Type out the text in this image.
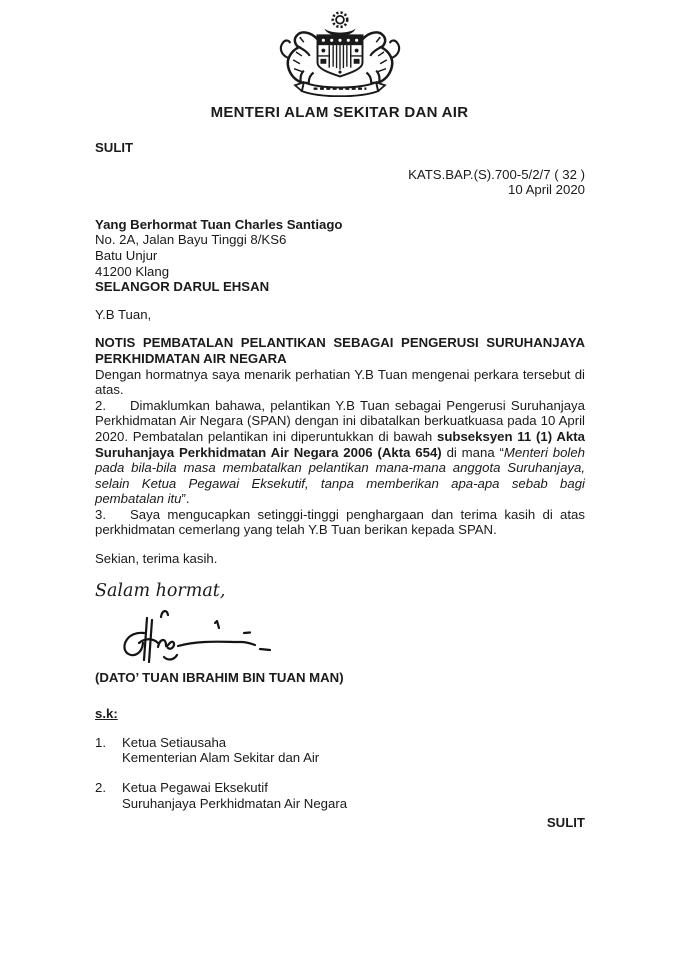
MENTERI ALAM SEKITAR DAN AIR
SULIT
KATS.BAP.(S).700-5/2/7 ( 32 )
10 April 2020
Yang Berhormat Tuan Charles Santiago
No. 2A, Jalan Bayu Tinggi 8/KS6
Batu Unjur
41200 Klang
SELANGOR DARUL EHSAN
Y.B Tuan,
NOTIS PEMBATALAN PELANTIKAN SEBAGAI PENGERUSI SURUHANJAYA
PERKHIDMATAN AIR NEGARA

Dengan hormatnya saya menarik perhatian Y.B Tuan mengenai perkara tersebut di atas.

2. Dimaklumkan bahawa, pelantikan Y.B Tuan sebagai Pengerusi Suruhanjaya Perkhidmatan Air Negara (SPAN) dengan ini dibatalkan berkuatkuasa pada 10 April 2020. Pembatalan pelantikan ini diperuntukkan di bawah subseksyen 11 (1) Akta Suruhanjaya Perkhidmatan Air Negara 2006 (Akta 654) di mana “Menteri boleh pada bila-bila masa membatalkan pelantikan mana-mana anggota Suruhanjaya, selain Ketua Pegawai Eksekutif, tanpa memberikan apa-apa sebab bagi pembatalan itu”.

3. Saya mengucapkan setinggi-tinggi penghargaan dan terima kasih di atas perkhidmatan cemerlang yang telah Y.B Tuan berikan kepada SPAN.

Sekian, terima kasih.
Salam hormat,
(DATO’ TUAN IBRAHIM BIN TUAN MAN)
s.k:
1.	Ketua Setiausaha
Kementerian Alam Sekitar dan Air
2.	Ketua Pegawai Eksekutif
Suruhanjaya Perkhidmatan Air Negara
SULIT
